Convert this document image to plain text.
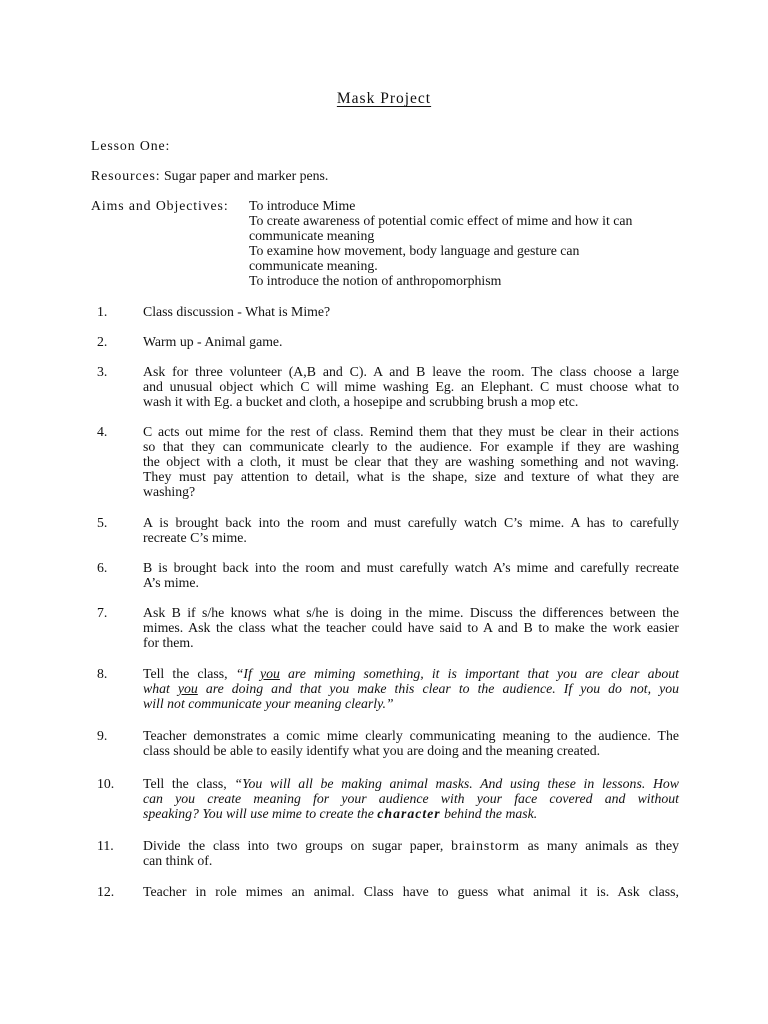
Mask Project
Lesson One:
Resources: Sugar paper and marker pens.
Aims and Objectives: To introduce Mime
To create awareness of potential comic effect of mime and how it can
communicate meaning
To examine how movement, body language and gesture can
communicate meaning.
To introduce the notion of anthropomorphism
1.	Class discussion - What is Mime?
2.	Warm up - Animal game.
3.	Ask for three volunteer (A,B and C). A and B leave the room. The class choose a large
and unusual object which C will mime washing Eg. an Elephant. C must choose what to
wash it with Eg. a bucket and cloth, a hosepipe and scrubbing brush a mop etc.
4.	C acts out mime for the rest of class. Remind them that they must be clear in their actions
so that they can communicate clearly to the audience. For example if they are washing
the object with a cloth, it must be clear that they are washing something and not waving.
They must pay attention to detail, what is the shape, size and texture of what they are
washing?
5.	A is brought back into the room and must carefully watch C’s mime. A has to carefully
recreate C’s mime.
6.	B is brought back into the room and must carefully watch A’s mime and carefully recreate
A’s mime.
7.	Ask B if s/he knows what s/he is doing in the mime. Discuss the differences between the
mimes. Ask the class what the teacher could have said to A and B to make the work easier
for them.
8.	Tell the class, “If you are miming something, it is important that you are clear about
what you are doing and that you make this clear to the audience. If you do not, you
will not communicate your meaning clearly.”
9.	Teacher demonstrates a comic mime clearly communicating meaning to the audience. The
class should be able to easily identify what you are doing and the meaning created.
10. Tell the class, “You will all be making animal masks. And using these in lessons. How
can you create meaning for your audience with your face covered and without
speaking? You will use mime to create the character behind the mask.
11. Divide the class into two groups on sugar paper, brainstorm as many animals as they
can think of.
12. Teacher in role mimes an animal. Class have to guess what animal it is. Ask class,
